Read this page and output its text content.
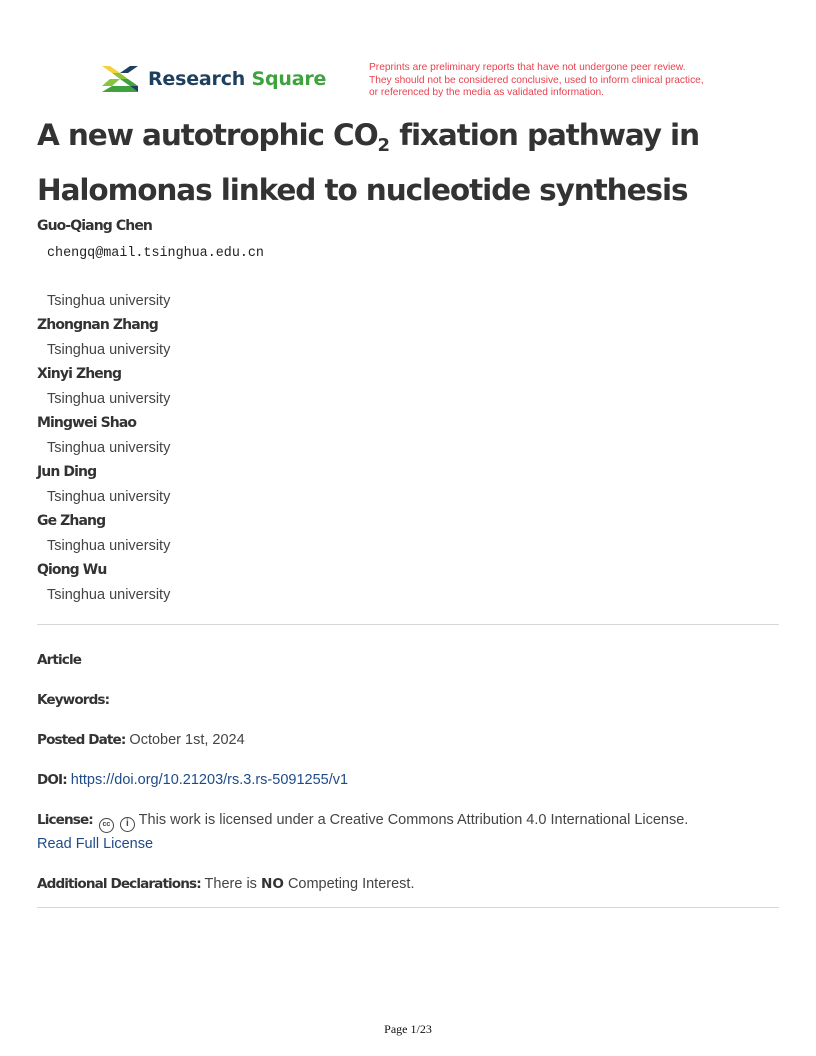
Research Square
Preprints are preliminary reports that have not undergone peer review.
They should not be considered conclusive, used to inform clinical practice,
or referenced by the media as validated information.
A new autotrophic $CO_2$ fixation pathway in
Halomonas linked to nucleotide synthesis
Guo-Qiang Chen
chengq@mail.tsinghua.edu.cn
Tsinghua university
Zhongnan Zhang
Tsinghua university
Xinyi Zheng
Tsinghua university
Mingwei Shao
Tsinghua university
Jun Ding
Tsinghua university
Ge Zhang
Tsinghua university
Qiong Wu
Tsinghua university
Article
Keywords:
Posted Date: October 1st, 2024
DOI: https://doi.org/10.21203/rs.3.rs-5091255/v1
License: cc i This work is licensed under a Creative Commons Attribution 4.0 International License.
Read Full License
Additional Declarations: There is NO Competing Interest.
Page 1/23
